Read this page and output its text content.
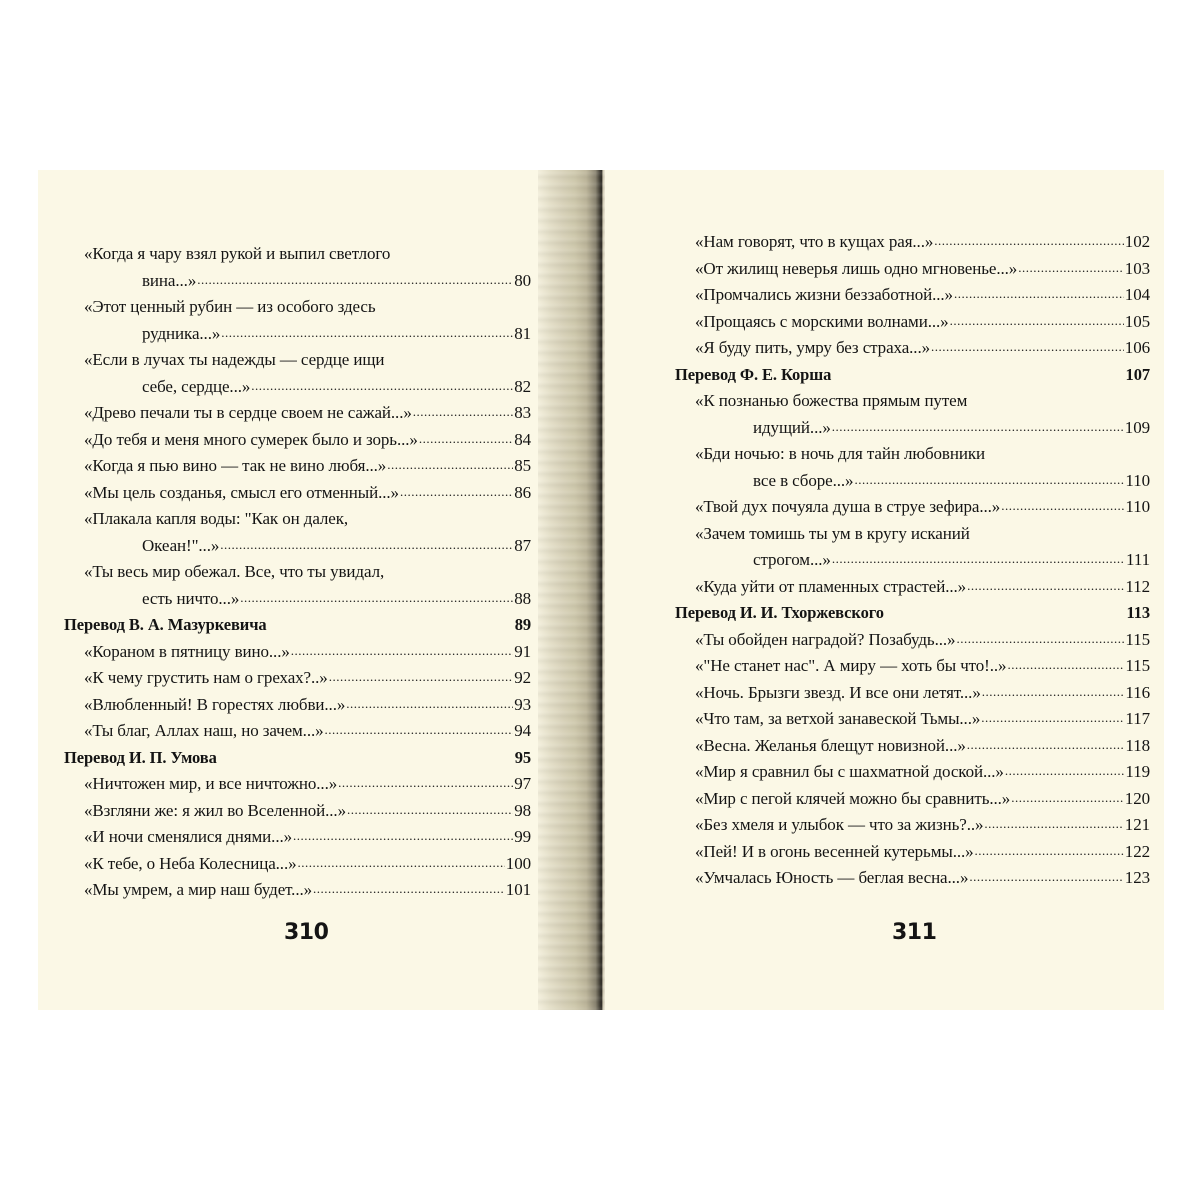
«Когда я чару взял рукой и выпил светлого
вина...» .....	80
«Этот ценный рубин — из особого здесь
рудника...» .....	81
«Если в лучах ты надежды — сердце ищи
себе, сердце...» .....	82
«Древо печали ты в сердце своем не сажай...» .....	83
«До тебя и меня много сумерек было и зорь...» .....	84
«Когда я пью вино — так не вино любя...» .....	85
«Мы цель созданья, смысл его отменный...» .....	86
«Плакала капля воды: "Как он далек,
Океан!"...» .....	87
«Ты весь мир обежал. Все, что ты увидал,
есть ничто...» .....	88
Перевод В. А. Мазуркевича	89
«Кораном в пятницу вино...» .....	91
«К чему грустить нам о грехах?..» .....	92
«Влюбленный! В горестях любви...» .....	93
«Ты благ, Аллах наш, но зачем...» .....	94
Перевод И. П. Умова	95
«Ничтожен мир, и все ничтожно...» .....	97
«Взгляни же: я жил во Вселенной...» .....	98
«И ночи сменялися днями...» .....	99
«К тебе, о Неба Колесница...» .....	100
«Мы умрем, а мир наш будет...» .....	101
310
«Нам говорят, что в кущах рая...» .....	102
«От жилищ неверья лишь одно мгновенье...» .....	103
«Промчались жизни беззаботной...» .....	104
«Прощаясь с морскими волнами...» .....	105
«Я буду пить, умру без страха...» .....	106
Перевод Ф. Е. Корша	107
«К познанью божества прямым путем
идущий...» .....	109
«Бди ночью: в ночь для тайн любовники
все в сборе...» .....	110
«Твой дух почуяла душа в струе зефира...» .....	110
«Зачем томишь ты ум в кругу исканий
строгом...» .....	111
«Куда уйти от пламенных страстей...» .....	112
Перевод И. И. Тхоржевского	113
«Ты обойден наградой? Позабудь...» .....	115
«"Не станет нас". А миру — хоть бы что!..» .....	115
«Ночь. Брызги звезд. И все они летят...» .....	116
«Что там, за ветхой занавеской Тьмы...» .....	117
«Весна. Желанья блещут новизной...» .....	118
«Мир я сравнил бы с шахматной доской...» .....	119
«Мир с пегой клячей можно бы сравнить...» .....	120
«Без хмеля и улыбок — что за жизнь?..» .....	121
«Пей! И в огонь весенней кутерьмы...» .....	122
«Умчалась Юность — беглая весна...» .....	123
311
